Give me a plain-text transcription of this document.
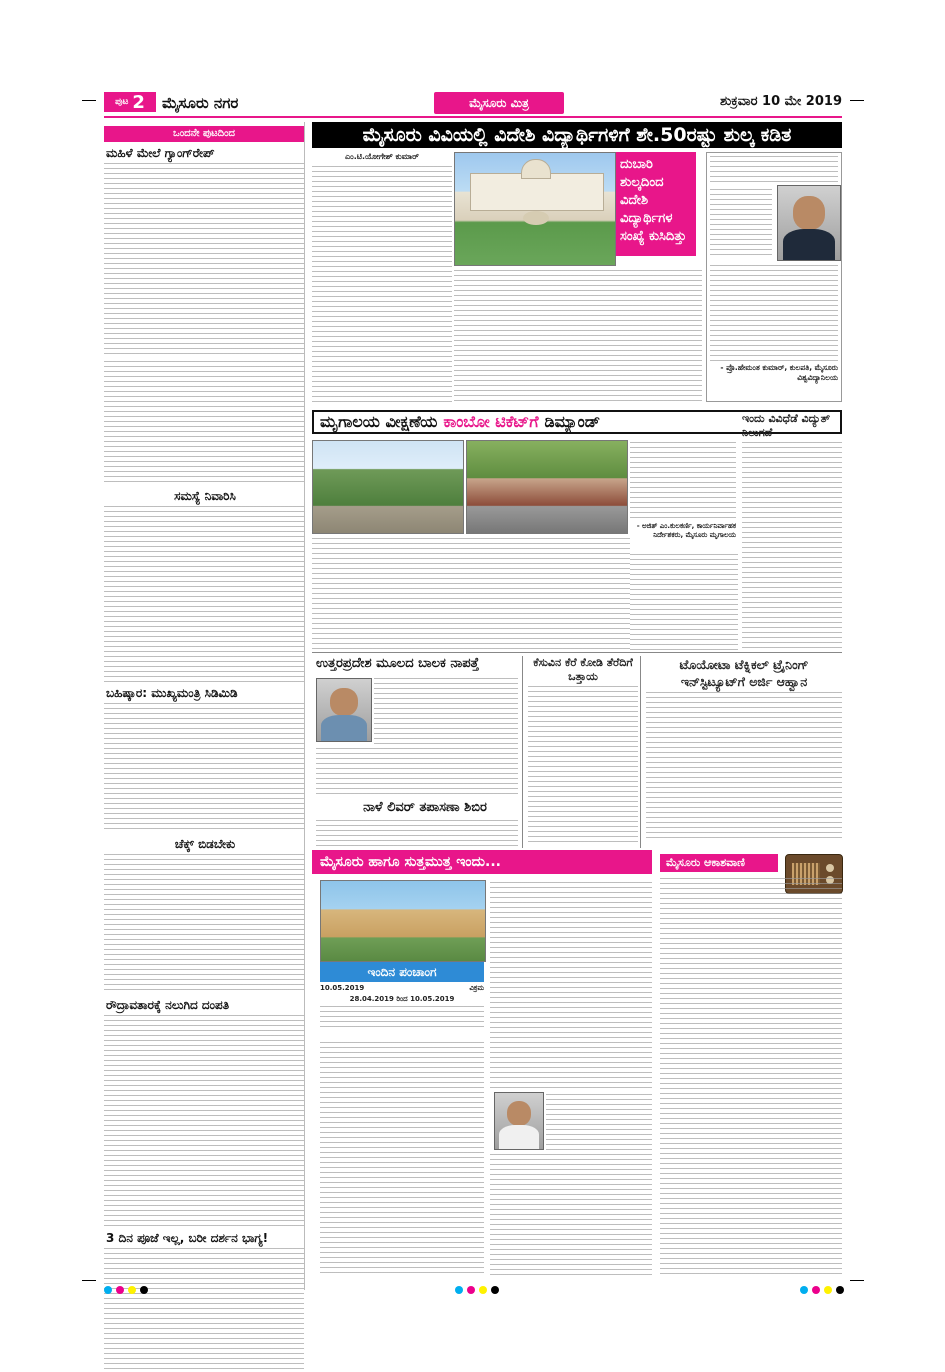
ಪುಟ 2 ಮೈಸೂರು ನಗರ	ಮೈಸೂರು ಮಿತ್ರ	ಶುಕ್ರವಾರ 10 ಮೇ 2019
ಒಂದನೇ ಪುಟದಿಂದ
ಮಹಿಳೆ ಮೇಲೆ ಗ್ಯಾಂಗ್‌ರೇಪ್
ಸಮಸ್ಯೆ ನಿವಾರಿಸಿ
ಬಹಿಷ್ಕಾರ: ಮುಖ್ಯಮಂತ್ರಿ ಸಿಡಿಮಿಡಿ
ಚೆಕ್ಕ್ ಬಿಡಬೇಕು
ರೌದ್ರಾವತಾರಕ್ಕೆ ನಲುಗಿದ ದಂಪತಿ
3 ದಿನ ಪೂಜೆ ಇಲ್ಲ, ಬರೀ ದರ್ಶನ ಭಾಗ್ಯ!
ಮೈಸೂರು ವಿವಿಯಲ್ಲಿ ವಿದೇಶಿ ವಿದ್ಯಾರ್ಥಿಗಳಿಗೆ ಶೇ.50ರಷ್ಟು ಶುಲ್ಕ ಕಡಿತ
ಎಂ.ಟಿ.ಯೋಗೇಶ್ ಕುಮಾರ್
ದುಬಾರಿ ಶುಲ್ಕದಿಂದ ವಿದೇಶಿ ವಿದ್ಯಾರ್ಥಿಗಳ ಸಂಖ್ಯೆ ಕುಸಿದಿತ್ತು
- ಪ್ರೊ.ಹೇಮಂತ ಕುಮಾರ್, ಕುಲಪತಿ, ಮೈಸೂರು ವಿಶ್ವವಿದ್ಯಾನಿಲಯ
ಮೃಗಾಲಯ ವೀಕ್ಷಣೆಯ ಕಾಂಬೋ ಟಿಕೆಟ್‌ಗೆ ಡಿಮ್ಯಾಂಡ್
- ಅಜಿತ್ ಎಂ.ಕುಲಕರ್ಣಿ, ಕಾರ್ಯನಿರ್ವಾಹಕ ನಿರ್ದೇಶಕರು, ಮೈಸೂರು ಮೃಗಾಲಯ
ಇಂದು ವಿವಿಧೆಡೆ ವಿದ್ಯುತ್ ನಿಲುಗಡೆ
ಉತ್ತರಪ್ರದೇಶ ಮೂಲದ ಬಾಲಕ ನಾಪತ್ತೆ	ಕೆಸುವಿನ ಕೆರೆ ಕೋಡಿ ತೆರೆದಿಗೆ ಒತ್ತಾಯ
ಟೊಯೋಟಾ ಟೆಕ್ನಿಕಲ್ ಟ್ರೈನಿಂಗ್ ಇನ್‌ಸ್ಟಿಟ್ಯೂಟ್‌ಗೆ ಅರ್ಜಿ ಆಹ್ವಾನ
ನಾಳೆ ಲಿವರ್ ತಪಾಸಣಾ ಶಿಬಿರ
ಮೈಸೂರು ಹಾಗೂ ಸುತ್ತಮುತ್ತ ಇಂದು...
ಇಂದಿನ ಪಂಚಾಂಗ
10.05.2019	ವಿಕ್ರಮ
28.04.2019 ರಿಂದ 10.05.2019
ಮೈಸೂರು ಆಕಾಶವಾಣಿ
